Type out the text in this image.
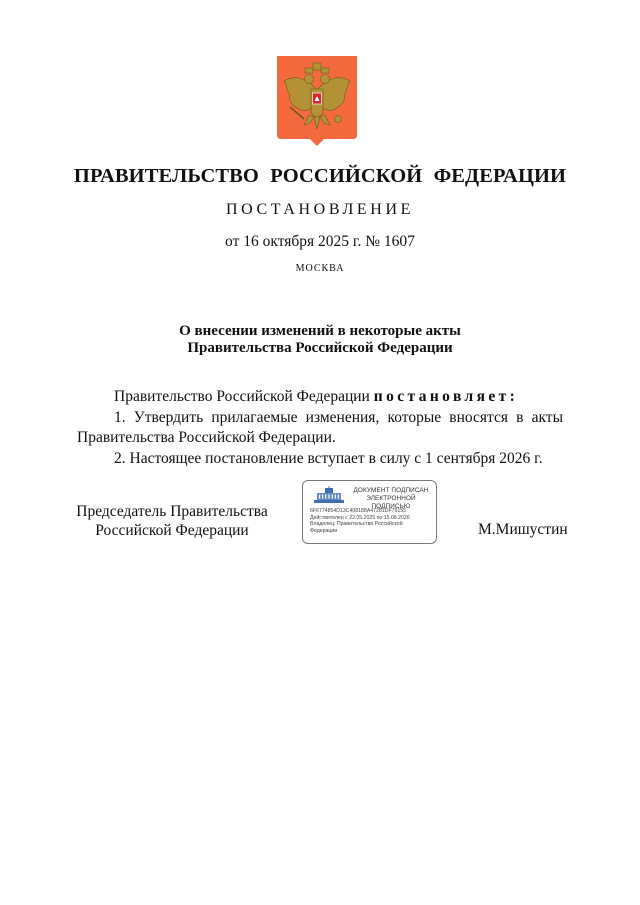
ПРАВИТЕЛЬСТВО РОССИЙСКОЙ ФЕДЕРАЦИИ
ПОСТАНОВЛЕНИЕ
от 16 октября 2025 г. № 1607
МОСКВА
О внесении изменений в некоторые акты
Правительства Российской Федерации

Правительство Российской Федерации постановляет:

1. Утвердить прилагаемые изменения, которые вносятся в акты

Правительства Российской Федерации.

2. Настоящее постановление вступает в силу с 1 сентября 2026 г.

Председатель Правительства
Российской Федерации
ДОКУМЕНТ ПОДПИСАН
ЭЛЕКТРОННОЙ ПОДПИСЬЮ
6F6774854D13C408188A47281DF79155
Действителен с 22.05.2025 по 15.08.2026
Владелец: Правительство Российской
Федерации	М.Мишустин
